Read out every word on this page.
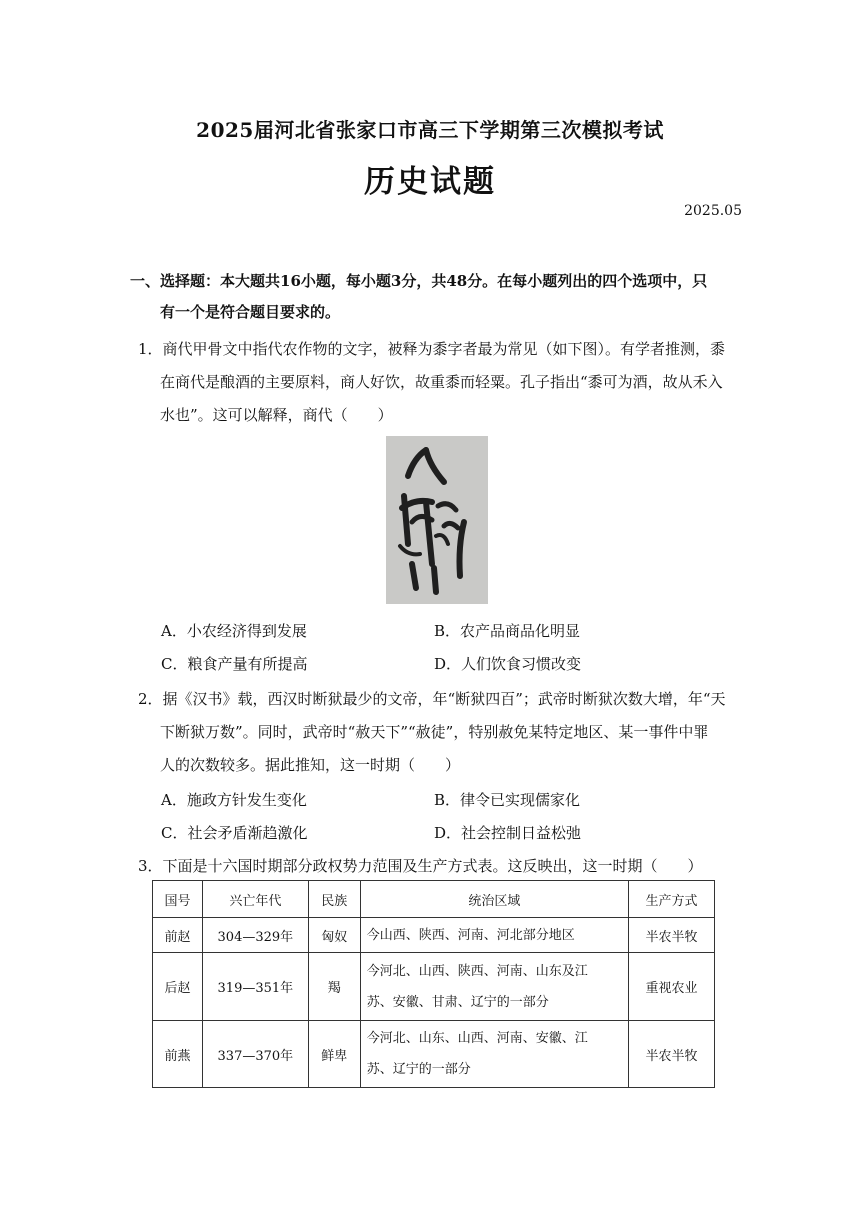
2025届河北省张家口市高三下学期第三次模拟考试
历史试题
2025.05
一、选择题：本大题共16小题，每小题3分，共48分。在每小题列出的四个选项中，只
有一个是符合题目要求的。
1．商代甲骨文中指代农作物的文字，被释为黍字者最为常见（如下图）。有学者推测，黍
在商代是酿酒的主要原料，商人好饮，故重黍而轻粟。孔子指出“黍可为酒，故从禾入
水也”。这可以解释，商代（　　）
A．小农经济得到发展	B．农产品商品化明显
C．粮食产量有所提高	D．人们饮食习惯改变
2．据《汉书》载，西汉时断狱最少的文帝，年“断狱四百”；武帝时断狱次数大增，年“天
下断狱万数”。同时，武帝时“赦天下”“赦徒”，特别赦免某特定地区、某一事件中罪
人的次数较多。据此推知，这一时期（　　）
A．施政方针发生变化	B．律令已实现儒家化
C．社会矛盾渐趋激化	D．社会控制日益松弛
3．下面是十六国时期部分政权势力范围及生产方式表。这反映出，这一时期（　　）
国号	兴亡年代	民族	统治区域	生产方式
前赵	304—329年	匈奴	今山西、陕西、河南、河北部分地区	半农半牧
后赵	319—351年	羯	今河北、山西、陕西、河南、山东及江
苏、安徽、甘肃、辽宁的一部分	重视农业
前燕	337—370年	鲜卑	今河北、山东、山西、河南、安徽、江
苏、辽宁的一部分	半农半牧
